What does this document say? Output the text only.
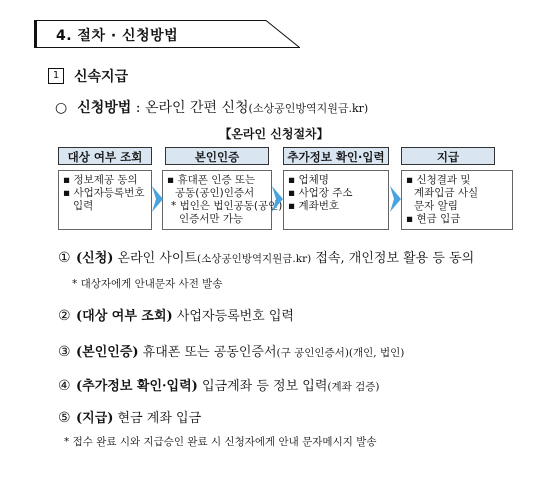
4. 절차 · 신청방법
1	신속지급
○ 신청방법 : 온라인 간편 신청(소상공인방역지원금.kr)
【온라인 신청절차】
대상 여부 조회	본인인증	추가정보 확인·입력	지급
▪ 정보제공 동의
▪ 사업자등록번호
입력
▪ 휴대폰 인증 또는
공동(공인)인증서
* 법인은 법인공동(공인)
인증서만 가능
▪ 업체명
▪ 사업장 주소
▪ 계좌번호
▪ 신청결과 및
계좌입금 사실
문자 알림
▪ 현금 입금
① (신청) 온라인 사이트(소상공인방역지원금.kr) 접속, 개인정보 활용 등 동의
* 대상자에게 안내문자 사전 발송
② (대상 여부 조회) 사업자등록번호 입력
③ (본인인증) 휴대폰 또는 공동인증서(구 공인인증서)(개인, 법인)
④ (추가정보 확인·입력) 입금계좌 등 정보 입력(계좌 검증)
⑤ (지급) 현금 계좌 입금
* 접수 완료 시와 지급승인 완료 시 신청자에게 안내 문자메시지 발송
